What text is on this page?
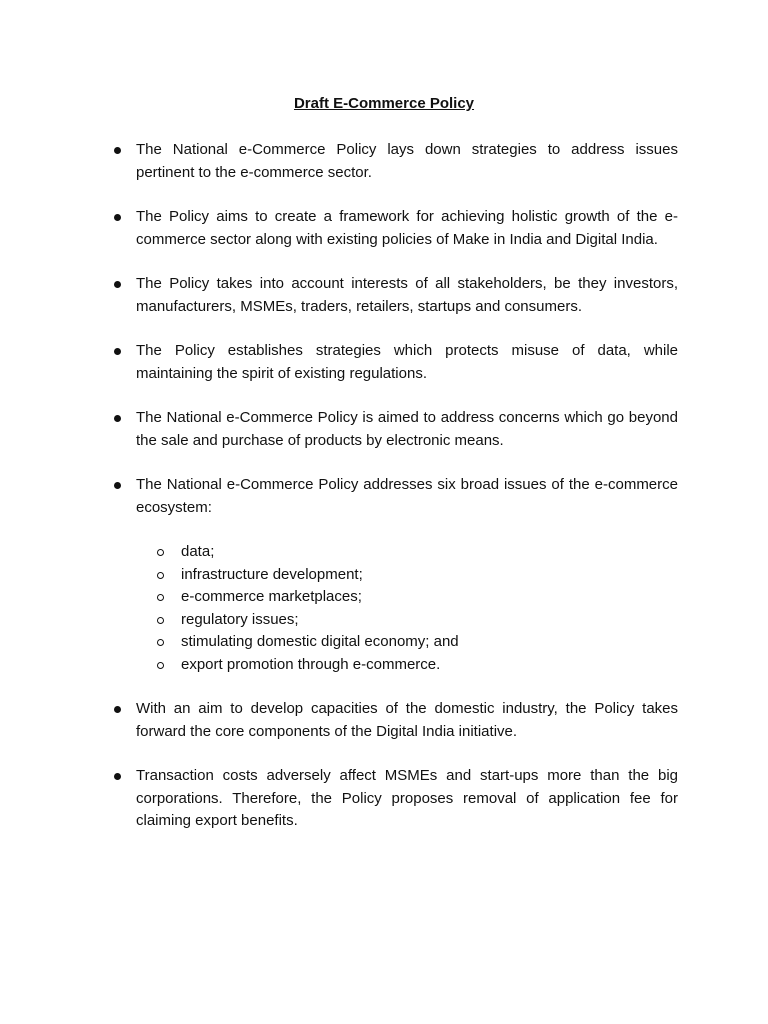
Draft E-Commerce Policy
The National e-Commerce Policy lays down strategies to address issues pertinent to the e-commerce sector.
The Policy aims to create a framework for achieving holistic growth of the e-commerce sector along with existing policies of Make in India and Digital India.
The Policy takes into account interests of all stakeholders, be they investors, manufacturers, MSMEs, traders, retailers, startups and consumers.
The Policy establishes strategies which protects misuse of data, while maintaining the spirit of existing regulations.
The National e-Commerce Policy is aimed to address concerns which go beyond the sale and purchase of products by electronic means.
The National e-Commerce Policy addresses six broad issues of the e-commerce ecosystem:
data;
infrastructure development;
e-commerce marketplaces;
regulatory issues;
stimulating domestic digital economy; and
export promotion through e-commerce.
With an aim to develop capacities of the domestic industry, the Policy takes forward the core components of the Digital India initiative.
Transaction costs adversely affect MSMEs and start-ups more than the big corporations. Therefore, the Policy proposes removal of application fee for claiming export benefits.
